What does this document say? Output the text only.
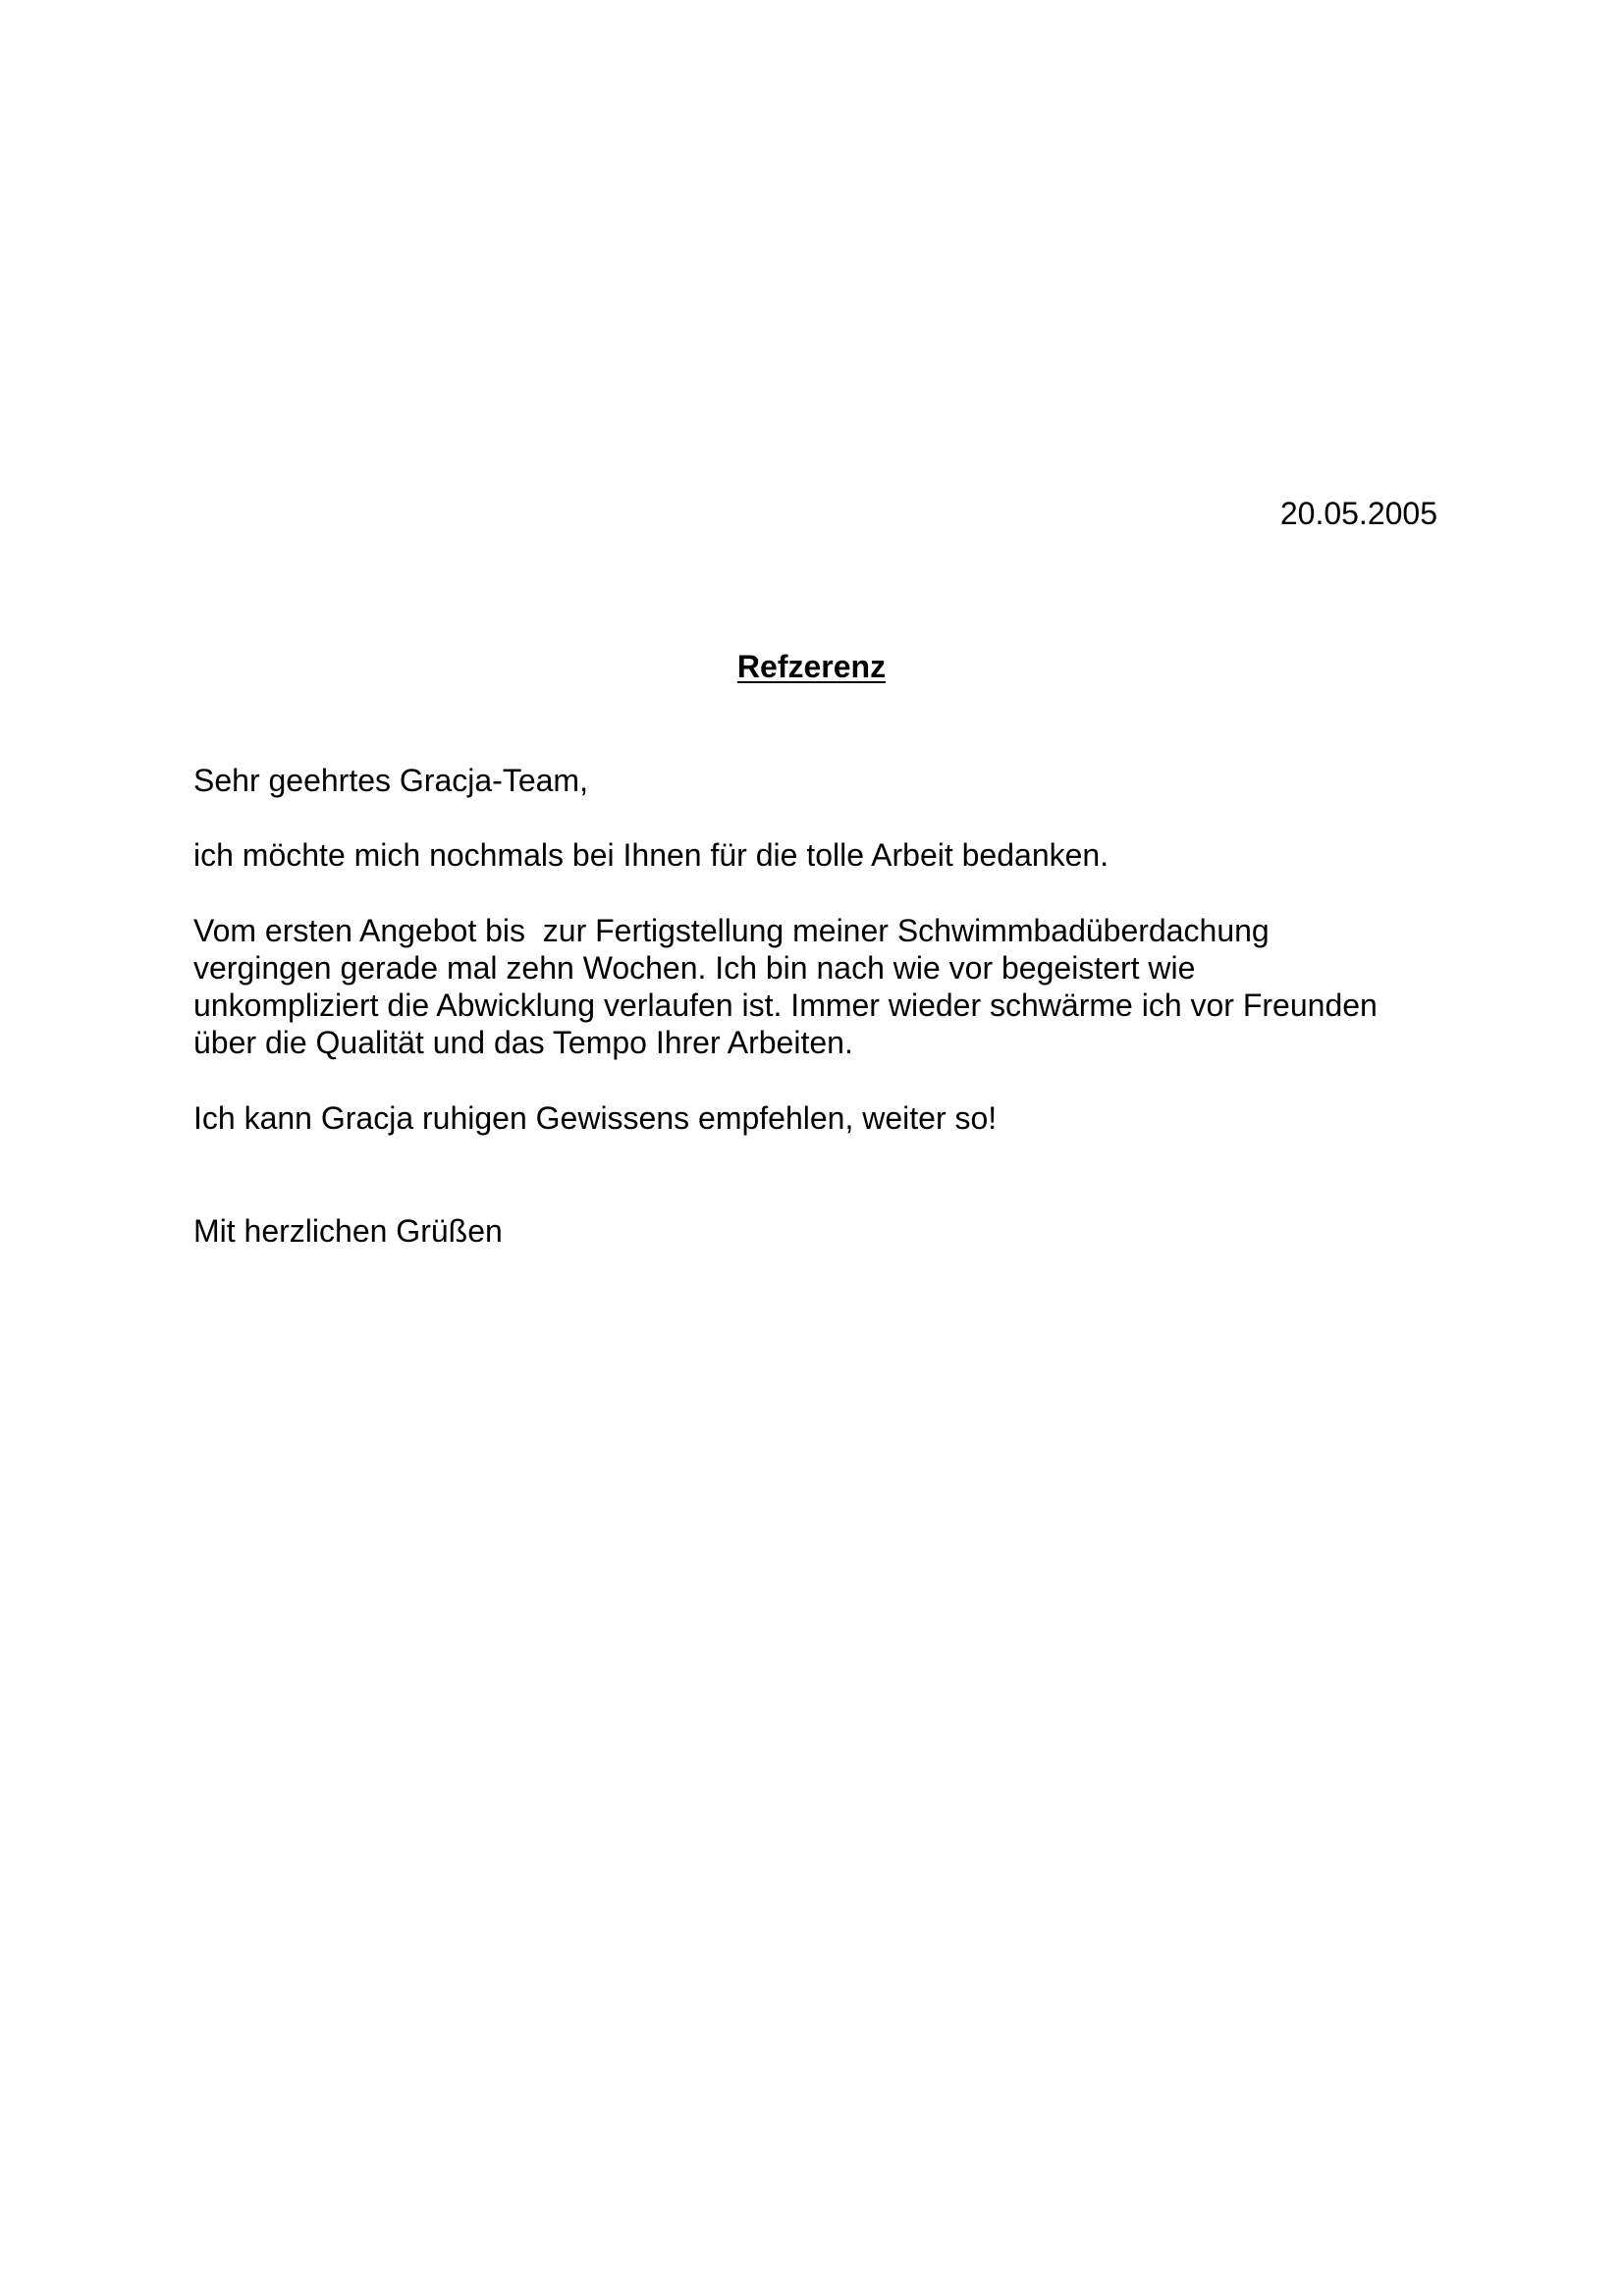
20.05.2005
Refzerenz
Sehr geehrtes Gracja-Team,
ich möchte mich nochmals bei Ihnen für die tolle Arbeit bedanken.
Vom ersten Angebot bis  zur Fertigstellung meiner Schwimmbadüberdachung
vergingen gerade mal zehn Wochen. Ich bin nach wie vor begeistert wie
unkompliziert die Abwicklung verlaufen ist. Immer wieder schwärme ich vor Freunden
über die Qualität und das Tempo Ihrer Arbeiten.
Ich kann Gracja ruhigen Gewissens empfehlen, weiter so!
Mit herzlichen Grüßen
